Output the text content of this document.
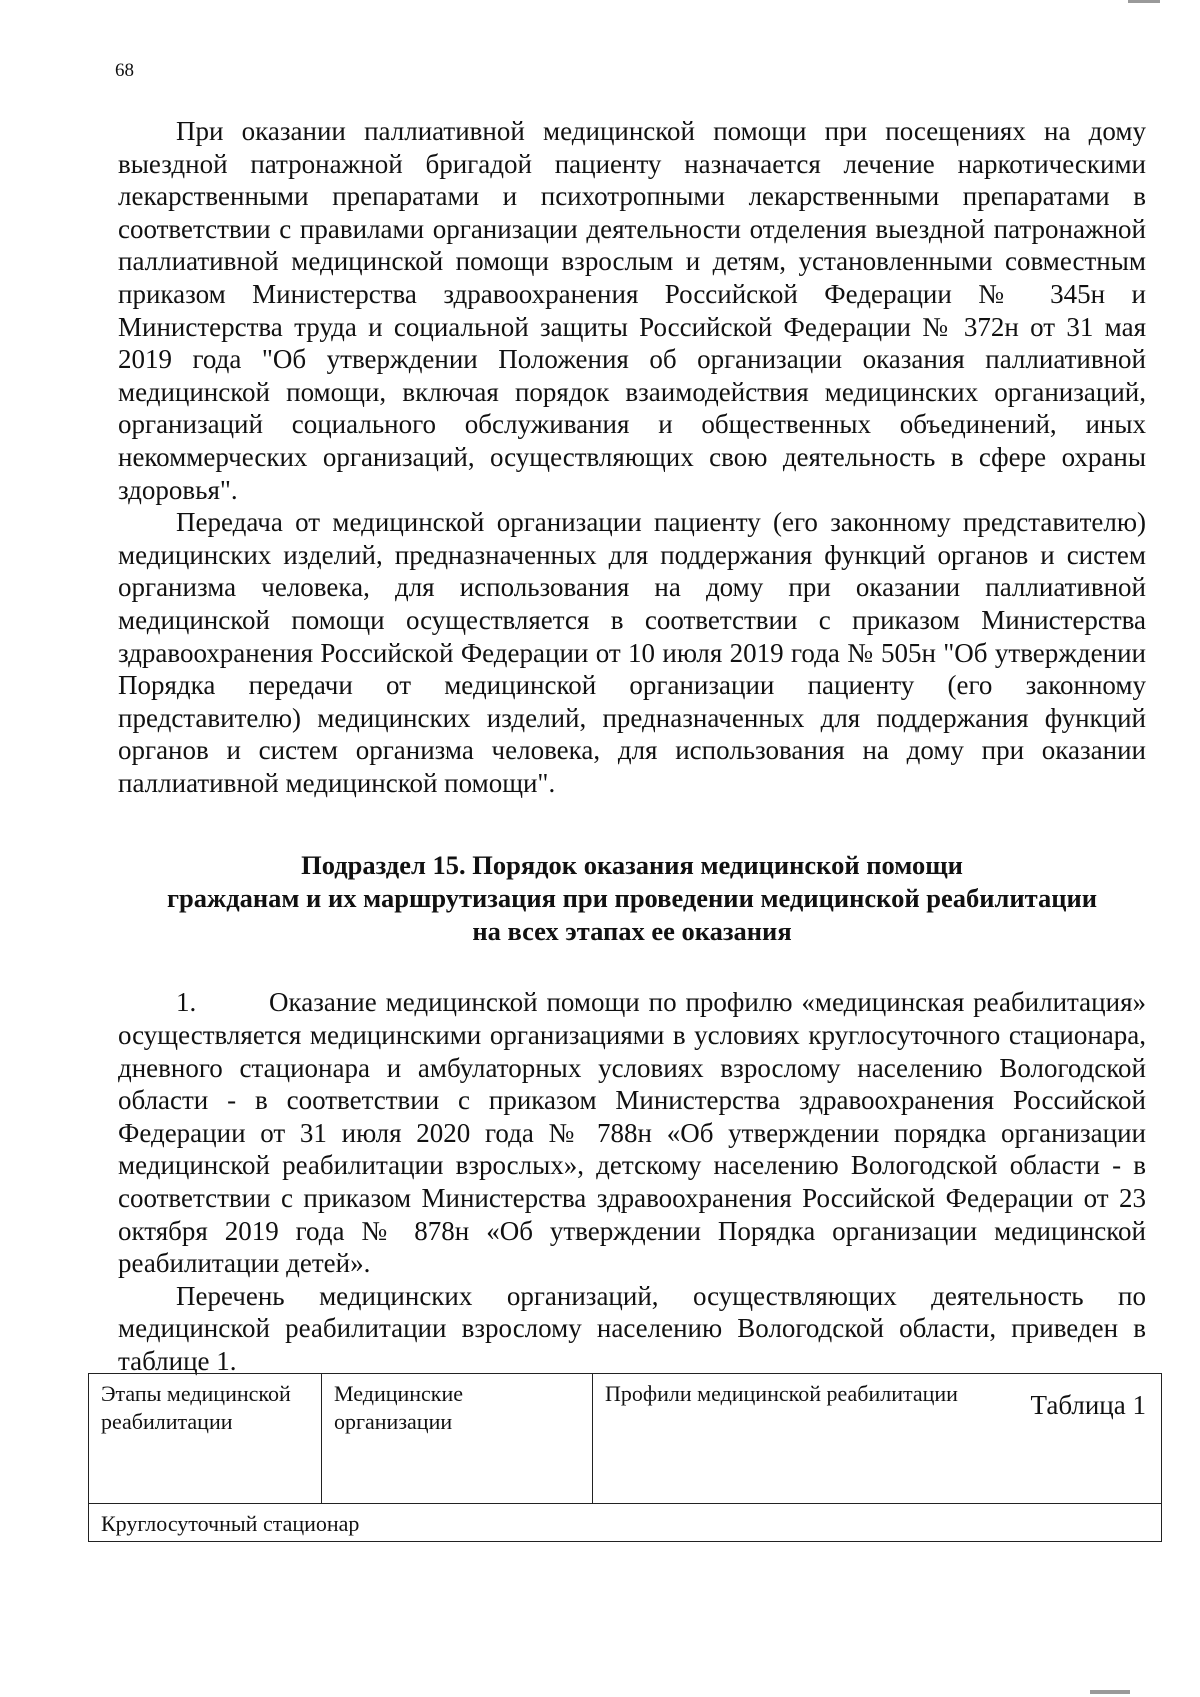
68

При оказании паллиативной медицинской помощи при посещениях на дому выездной патронажной бригадой пациенту назначается лечение наркотическими лекарственными препаратами и психотропными лекарственными препаратами в соответствии с правилами организации деятельности отделения выездной патронажной паллиативной медицинской помощи взрослым и детям, установленными совместным приказом Министерства здравоохранения Российской Федерации № 345н и Министерства труда и социальной защиты Российской Федерации № 372н от 31 мая 2019 года "Об утверждении Положения об организации оказания паллиативной медицинской помощи, включая порядок взаимодействия медицинских организаций, организаций социального обслуживания и общественных объединений, иных некоммерческих организаций, осуществляющих свою деятельность в сфере охраны здоровья".

Передача от медицинской организации пациенту (его законному представителю) медицинских изделий, предназначенных для поддержания функций органов и систем организма человека, для использования на дому при оказании паллиативной медицинской помощи осуществляется в соответствии с приказом Министерства здравоохранения Российской Федерации от 10 июля 2019 года № 505н "Об утверждении Порядка передачи от медицинской организации пациенту (его законному представителю) медицинских изделий, предназначенных для поддержания функций органов и систем организма человека, для использования на дому при оказании паллиативной медицинской помощи".

Подраздел 15. Порядок оказания медицинской помощи
гражданам и их маршрутизация при проведении медицинской реабилитации
на всех этапах ее оказания

1.	Оказание медицинской помощи по профилю «медицинская реабилитация» осуществляется медицинскими организациями в условиях круглосуточного стационара, дневного стационара и амбулаторных условиях взрослому населению Вологодской области - в соответствии с приказом Министерства здравоохранения Российской Федерации от 31 июля 2020 года № 788н «Об утверждении порядка организации медицинской реабилитации взрослых», детскому населению Вологодской области - в соответствии с приказом Министерства здравоохранения Российской Федерации от 23 октября 2019 года № 878н «Об утверждении Порядка организации медицинской реабилитации детей».

Перечень медицинских организаций, осуществляющих деятельность по медицинской реабилитации взрослому населению Вологодской области, приведен в таблице 1.

Таблица 1
Этапы медицинской реабилитации	Медицинские организации	Профили медицинской реабилитации
Круглосуточный стационар
